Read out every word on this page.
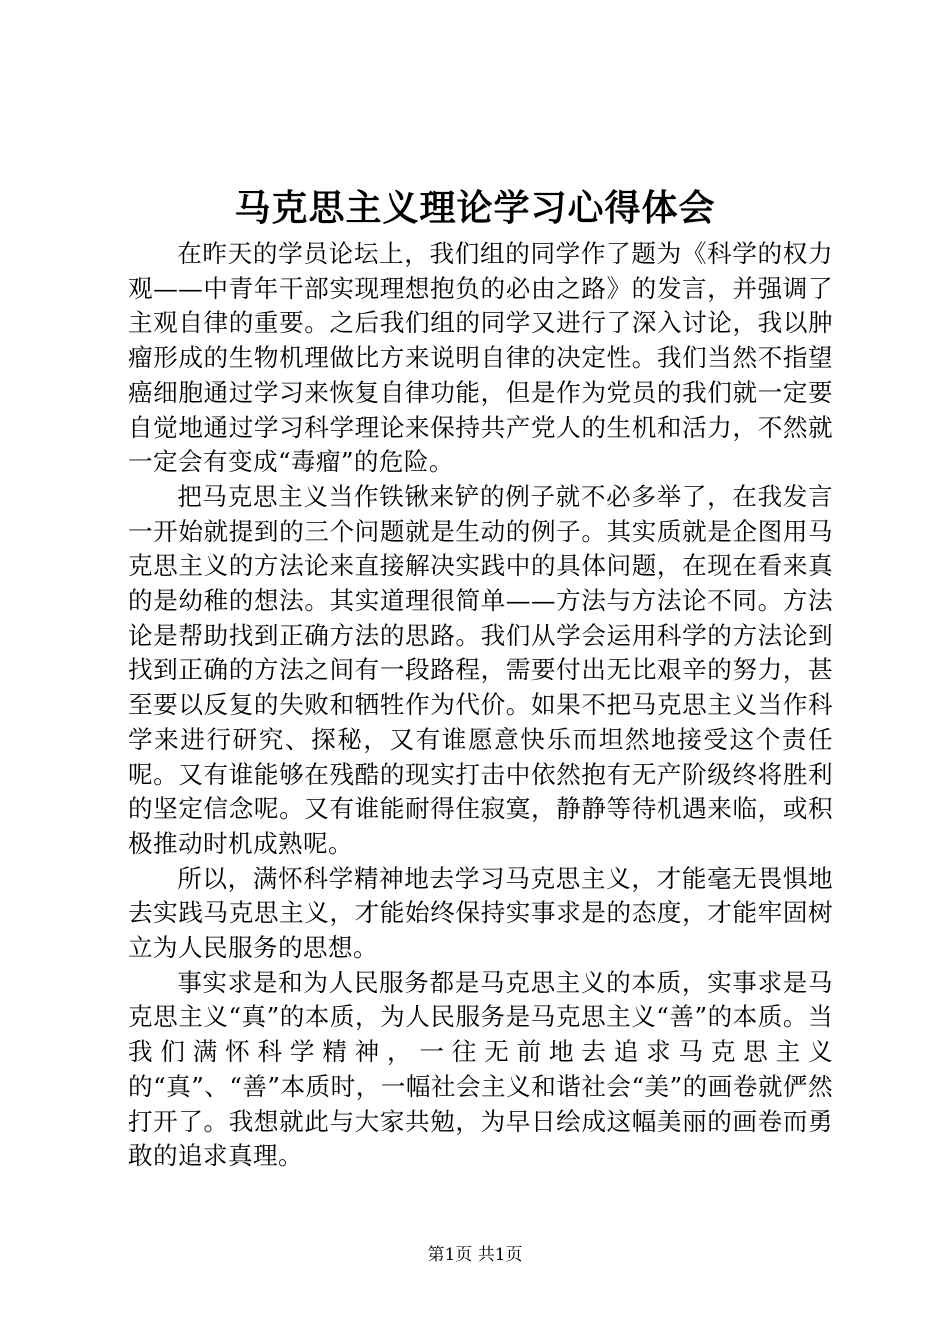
马克思主义理论学习心得体会

在昨天的学员论坛上，我们组的同学作了题为《科学的权力观——中青年干部实现理想抱负的必由之路》的发言，并强调了主观自律的重要。之后我们组的同学又进行了深入讨论，我以肿瘤形成的生物机理做比方来说明自律的决定性。我们当然不指望癌细胞通过学习来恢复自律功能，但是作为党员的我们就一定要自觉地通过学习科学理论来保持共产党人的生机和活力，不然就一定会有变成“毒瘤”的危险。

把马克思主义当作铁锹来铲的例子就不必多举了，在我发言一开始就提到的三个问题就是生动的例子。其实质就是企图用马克思主义的方法论来直接解决实践中的具体问题，在现在看来真的是幼稚的想法。其实道理很简单——方法与方法论不同。方法论是帮助找到正确方法的思路。我们从学会运用科学的方法论到找到正确的方法之间有一段路程，需要付出无比艰辛的努力，甚至要以反复的失败和牺牲作为代价。如果不把马克思主义当作科学来进行研究、探秘，又有谁愿意快乐而坦然地接受这个责任呢。又有谁能够在残酷的现实打击中依然抱有无产阶级终将胜利的坚定信念呢。又有谁能耐得住寂寞，静静等待机遇来临，或积极推动时机成熟呢。

所以，满怀科学精神地去学习马克思主义，才能毫无畏惧地去实践马克思主义，才能始终保持实事求是的态度，才能牢固树立为人民服务的思想。

事实求是和为人民服务都是马克思主义的本质，实事求是马克思主义“真”的本质，为人民服务是马克思主义“善”的本质。当我们满怀科学精神，一往无前地去追求马克思主义的“真”、“善”本质时，一幅社会主义和谐社会“美”的画卷就俨然打开了。我想就此与大家共勉，为早日绘成这幅美丽的画卷而勇敢的追求真理。

第1页 共1页
